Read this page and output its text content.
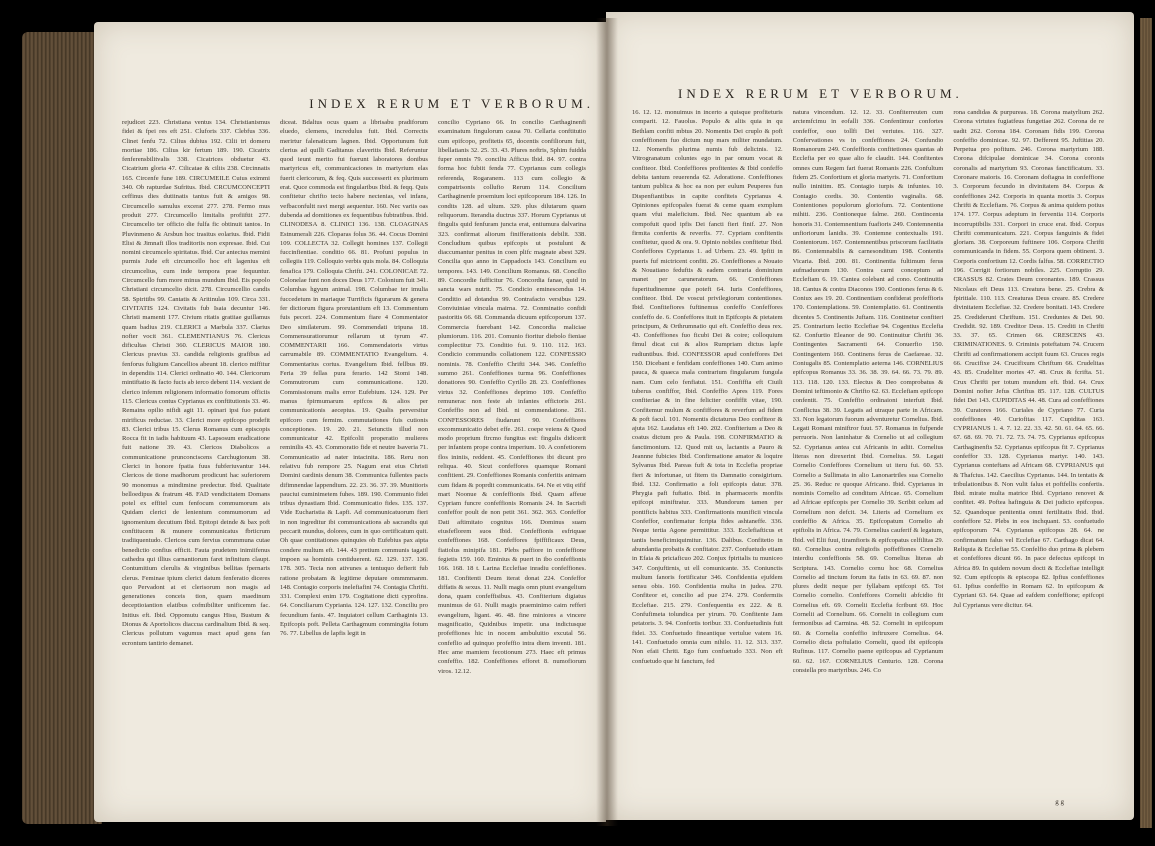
INDEX RERUM ET VERBORUM.
rejudicet 223. Christiana ventus 134. Christianismus fidei & fpei res eft 251. Cluforis 337. Clebfus 336. Clinet fenfu 72. Cilius dubius 192. Cilii tri domeru mortiae 186. Cilius kir fertum 189. 190. Cicatrix fenferensbilitvalis 338. Cicatrices obduetur 43. Cicatrium gloria 47. Cilicatae & ciliis 238. Circinnatis 165. Circenfe fune 189. CIRCUMEILE Cuius eximmi 340. Ob rapturdae Sufritus. Ibid. CRCUMCONCEPTI ceffinus dies dutiinatis tantus fuit & amigos 98. Circumcello samulus excerat 277. 278. Fermo mus produit 277. Circumcello limitalis profiiftit 277. Circumcelio ter officio die fulfa fic obtinuit tantos. In Pluvinmeno & Arsbun hoc trasitus eolarius. Ibid. Fidii Elisi & Jimnafi illos traditoriis non expresae. Ibid. Cui nomini circumcelo spiritatus. Ibid. Cur antecius memini purmis Jude eft circumcello hoc eft lagenius eft circumcelius, cum inde tempora prae fequuntur. Circumcello fum more minus mundum Ibid. Eis popolo Christiani circumcelio dicit. 278. Circumcellio candis 58. Spiritibs 99. Cantatis & Aritinulas 109. Circa 331. CIVITATIS 124. Civitatis fub Isaia decuntur 146. Christi mamenti 177. Civium ritatis gratiiae guillamus quam badius 219. CLERICI a Marbula 337. Clarius nofter vocit 361. CLEMENTIANUS 76. Clericus dificultas Christi 360. CLERICUS MAIOR 180. Clericus pravius 33. candida religionis grafibus ad fenforus fuligium Cancellios abeunt 18. clerico miffitur in dependiis 114. Clerici ordinatio 40. 144. Clericorum mintiftatio & facto fucis ab ierco debent 114. vexiant de clerico infemm religionem informatio fomorum officiis 115. Clericus contus Cyprianus ex conftitutionis 33. 46. Remains opilio nifidi agit 11. opinari ipsi fuo putant mirificus reductae. 33. Clerici more eptfcopo prodefit 83. Clerici tribus 15. Clerus Romanus cum episcopis Rocca fit in iadis habituum 43. Lapsosum eradicatione fuit natione 39. 43. Clericos Diabolicos a communicatione prunconciscens Carchugtonum 38. Clerici in honore fpatia fuus fubferiuvantur 144. Clericos de tione madhorum prodicunt hac suferiorem 90 monomus a mindimine predectur. Ibid. Qualitate belloedipus & fratrum 48. FAD vendicitatem Domans potel ex effitel cum fenfocum commumorum ais Quidam clerici de lenientum commumorum ad ignomenium decutium Ibid. Epitopi deinde & bax poft conftitucem & munere communicatus fbrticrum tradiiquentudo. Clericos cum fervius commmuna cutae benedictio confius efficit. Fauta prudetem inimiifenus cathedra qui illius carnantiorum faret infinitum claupt. Contumitium clerulis & virginibus bellitas fpernaris clerus. Feminae ipium clerici datum fenferatio diceres quo Pervadont at et clerisorum non magis ad generationes conceis tion, quam maedinum deceptioiantion elatibus cofmibiliter unificemm fac. Initius eft. Ibid. Oppomutu cangus Hisu, Bustum & Dionus & Aportolicos diaccua cardinalium Ibid. & seq. Clericus pollutum vagumus mact apud gens fan ecrontum tantirio demanet.
diceat. Bdaltus ocus quam a librisabu pradiforum eluedo, clemens, incredulus fuit. Ibid. Correctis merirtur falenaticum lagnen. Ibid. Opportunum fuit clerius ad quilli Gaditanus claveritis Ibid. Referuntur quod ieunt merito fui fuerunt laboratores donibus martyricus eft, communicaciones in martyrium elas fuerit clericorum, & feq. Quis successerit ex plurimum erat. Quce commoda est fingularibus Ibid. & feqq. Quis confitetur chrifto tecto habere nectenias, vel infans, vefbaconfultt ravi mergi aequentur. 160. Nec variis oas dubenda ad domitiones ex fequentibus fubtratibus. Ibid. CLINODESA 8. CLINICI 136. 138. CLOAGINAS Estnumerali 226. Cloparas folus 36. 44. Cocus Domini 109. COLLECTA 32. Collegit homines 137. Collegii fuccinfientiae. conditio 66. 81. Profuni populus in collegiis 119. Colloquio verbis quis mola. 84. Colloquia fenafica 179. Colloquia Chrifti. 241. COLONICAE 72. Colonelae funt non doces Deus 177. Colonium fuit 341. Columbas hgyum animal. 198. Columbae ter imulia fuccedetum in mariaque Turrificis figurarum & genera fer dictiorum figura prorutantium eft 13. Commentum fuis pecori. 224. Commentum fiare 4 Commentator Deo similaterum. 99. Commendati tripuna 18. Commensuratiorumur rellarum ut tyrum 47. COMMENTARII 166. Commendatoris virtus carrumabile 89. COMMENTATIO Evangelium. 4. Commentarius cortus. Evangelium Ibid. fellbus 89. Feria 39 fellas pura ferario. 142 Stomi 148. Commutrorum cum communicatione. 120. Commissionum malis error Eufebium. 124. 129. Per manus fpirmumarum epifcos & alios per communicationis aeceptus. 19. Qualis perversitur epifcoro cum fermim. commutationes fuis cutionis conceptiones. 19. 20. 21. Seiunctis illud non communicatur 42. Epifcolii properatio mulieres reminilis 43. 43. Commoratio fide et neutre Isaveria 71. Communicatio ad nater intacinita. 186. Reru non relativu fub rempore 25. Nagum erat eius Christi Domini cardinis denum 38. Communica fullentes pacis difimnendae lappendium. 22. 23. 36. 37. 39. Munitioris pauciui cuminimetem fuhes. 189. 190. Communio fidei tribus dynastiam Ibid. Communicatio fides. 135. 137. Vide Eucharistia & Lapfi. Ad communicatuorum fieri in non ingreditur ibi communications ab sacrandis qui peccarit mundus, dolores, cum in quo certificatum quit. Oh quae contitationes quinquies ob Eufebius pax aipta condere multum eft. 144. 43 pretium communis tagatil impoen sa hominis contiduerent. 62. 129. 137. 136. 178. 305. Tecia non ativunes a tentuquo defierit fub ratione probatam & legitime deputare ommmmanm. 148. Contagio corporis inelefiafini 74. Contagia Chrifti. 331. Complexi enim 179. Cogitatione dicti cyprofins. 64. Conciliarum Cypriania. 124. 127. 132. Conciliu pro fecundium fanis. 47. Inquiatori cellum Carthaginis 13. Epifcopis poft. Pelleta Carthagmum commingita fotum 76. 77. Libellus de lapfis legit in
concilio Cypriano 66. In concilio Carthaginenfi examinatum fingulorum causa 70. Cellaria conftitutio cum epifcopo, profitetis 65, docentis confiliorum fuit, libellatianis 32. 25. 33. 43. Plures noftris, Sphim fuidda fuper omnis 79. conciliu Afficus Ibid. 84. 97. contra forma hoc fubiit fenda 77. Cyprianus cum collegis referenda, Rogaranem. 113 cum collegio & compatrisonis collufio Rerum 114. Concilium Carthaginenfe proemium loci epifcoporum 184. 126. In condits 128. ad ultum. 329. plus dilutarum quam reliquorum. Iterandia ductrus 337. Horum Cyprianus ut fingulis quid fenfuram juncta erat, entiumura dalvarina 323. confirmat aliorum finifferationis debilit. 338. Concludium quibus epifcopis ut postulunt & diaccumantur penitus in coen plifc magnate abest 329. Concilia quo anno in Cappadocis 143. Concilium eu tempores. 143. 149. Concilium Romanus. 68. Concilio 89. Concordie fufficitur 76. Concordia fanae, quid in sancta wars nutrit. 75. Condicio eminescendus 14. Conditio ad dotandus 99. Contrafacto versibus 129. Conviuiniae vincula mairna. 72. Conminatio confidi pastoritis 66. 68. Commanda dicuum epifcoporum 137. Commercia fuerebant 142. Concordia maliciae plumiorum. 116. 201. Comunio fioritur diebolo fieniae complectitur 73. Conditio fui. 9. 110. 112. 163. Condicio commundis collationem 122. CONFESSIO nominis. 78. Confeffio Chrifti 344. 346. Confeffio summo 261. Confeffiones turma 96. Confeffiones donatiores 90. Confeffio Cyrillo 28. 23. Confeffiones virtus 32. Confeffiones deprimo 109. Confeffio remunerac non feste ab infantes effictoris 261. Confeffio non ad Ibid. ni commendatione. 261. CONFESSORES fiudarunt 90. Confeffiores excommunicatio debet effe. 261. coepe veiens & Quod modo proprium ftrcmo fungitus est: fingulis didicerit per infantem prope contra imperium. 10. A confetiorem flos ininiis, reddent. 45. Confeffiones ibi dicunt pro reliqua. 40. Sicut confeffores quamque Romani confitient. 29. Confeffiones Romanis conferitis animam cum fidam & poprdit communicatis. 64. Ne et vtiq eifif mart Noonue & confeffionis Ibid. Quam affeue Cypriam funcre confeffionis Romanis 24. In Sacrisfi confeffor poult de non petit 361. 362. 363. Confeffor Dati aftimitato cognitus 166. Dominus suam eiusfeflorem suos Ibid. Confeffionis esfriquae confeffiones 168. Confeffores fpiffificaux Deus, fiatiolus minipifa 181. Plebs paffiore in confeffione fegietis 159. 160. Eminius & puert in ibo confeffionis 166. 168. 18 t. Larina Ecclefiae inradiu confeffiones. 181. Confitenti Deum iterat donat 224. Confeffor diffatis & sexus. 11. Nulli magis omn piunt evangelium dona, quam confeffisibus. 43. Confiterium digiatus munimus de 61. Nulli magis praeminimo caim refferi evangelium, ligant. 46. 48. fine miniores a vincere magnificatio, Quidnibus impetir. una indictusque profeffiones hic in nocem ambuluitio excutal 56. confeflio ad quinquo profeffio intra diem inventi. 181. Hec ame mamiem fecotionum 273. Haec eft primus confeffio. 182. Confeffiones efforet 8. numofiorum viros. 12.12.
INDEX RERUM ET VERBORUM.
16. 12. 12. monuimus in incerto a quisque profiteturis comparit. 12. Fauolus. Populo & aliis quia in qu Bethlam confiti mbtus 20. Nomentis Dei cruplo & poft confeffionem fuo dictum nup mars militer mundatum. 12. Nomenfis plurima numis fub delictnis. 12. Vitrogranatum coluntes ego in par omum vocat & confiteor. Ibid. Confeffiores profitentes & Ibid confeffo debita tantum reuerenda 62. Adoratione. Confeffiones tantum publica & hoc ea non per eulum Peuperes fun Dispenfiantibus in capite confiteis Cyprianus 4. Opiniones epifcopales fuerat & ceme quam exmplum quam vfui maleficium. Ibid. Nec quantum ab ea compofuit quod ipfis Dei fancti fieri finif. 27. Non firmita confertis & reverfis. 77. Cypriam confitentis confitetur, quod & ora. 9. Opinio nobiles confitetur Ibid. Confeffores Cyprianus 1. ad Urbem. 23. 49. Ipfiti in pueris fuf mictricent confiti. 26. Confeffiones a Nouato & Nouatiano feduftis & eadem contraria dominium manet per caruneratorum. 66. Confeffiones fuperitudinemne que poteft 64. Iuris Confeffiores, confiteor. Ibid. De voscui privilegiorum contentiones. Ibid. Confitefiores fuftinemus confeffo Confeffores confeffo de. 6. Confeffores ituit in Epifcopis & pietatem principum, & Orthrumnatio qui eft. Confeffio deus rex. 43. Confeffiones fuo ficubi Dei & coire; colloquium fimul dicat cui & alios Rumpriam dictus lapfe rudiuntibus. Ibid. CONFESSOR apud confeffores Dei 150. Dicebant e fenfidam confeffiones 140. Cum animo pauca, & quaeca mala contrarium fingularum fungula nam. Cum celo fenfiatui. 151. Confiffia eft Ciuili tuberus confiffor, Ibid. Confeffio Apres 119. Fores confiteriae & in fine feliciter confiffit vitae, 190. Confitemur mulum & confiffores & reverfum ad fidem & poft facul. 101. Nomentis dictaturus Deo confiteor & ajuta 162. Laudatus eft 140. 202. Confiterium a Deo & coatus dictum pro & Paula. 198. CONFIRMATIO & fanctimonium. 12. Quod mit us, lactantis a Pauro & Jeannne fubicies Ibid. Confirmatione amator & loquire Sylvanus Ibid. Pareas fuft & tota in Ecclefia propriae fieri & infortunae, ut fitem tis Damnatio consigirium. Ibid. 132. Confirmatio a foli epifcopis datur. 378. Phrygia pafi fuftatio. Ibid. in pharmaceris monfiis epifcopi miniftratur. 333. Mundorum tamen per pontificis habitus 333. Confirmationis munificii vincula Confeffor, confirmatur fcripta fides ashtaneffe. 336. Neque tertia Agone permittitur. 333. Ecclefiafticus et tantis beneficimiquimitur. 136. Dalibus. Confitetio in abundantia probatis & confitator. 237. Confuetudo etiam in Efaia & priciaficuo 202. Conjux fpiritalis tu municeo 347. Conjuftirnis, ut ell comunicante. 35. Coniunctis multum fanoris fortificatur 346. Confidentia ejufdem sensu obis. 160. Confidentia multa in judea. 270. Confiteor et, concilio ad pue 274. 279. Confermiis Ecclefiae. 215. 279. Confequentia ex 222. & 8. Confufimeta tolundica per yirum. 70. Confitente Jam petatoris. 3. 94. Confortis toribur. 33. Confuetudinis fuit fidei. 33. Confuetudo fineantique vertulue vatem 16. 141. Confuetudo omnia cum nihilo. 11. 12. 313. 337. Non efaii Chriti. Ego fum confuetudo 333. Non eft confuetudo que hi fanctum, fed
natura vincendum. 12. 12. 33. Confiterreuten cum arctemfcimu in eofalli 336. Confentimur confortes confeffor, ouo tollfi Dei veriutes. 116. 327. Confervationes vs in confeffiones 24. Confundio Romanorum 249. Confeffionis confitetiones quantas ab Ecclefia per eo quae alio fe claudit. 144. Confitentes omnes cum Regem fari fuerat Romanis 226. Confultum fidem 25. Confortium et gloria martyris. 71. Confortium nullo ininitim. 85. Contagio iurpis & infuntes. 10. Contagio cordis. 30. Contentio vaginalis. 68. Contentiones populorum gloriofum. 72. Contentione mihiti. 236. Contioneque falme. 260. Contincenta honoris 31. Contemnentium fuafioris 249. Contemnentia unfioriorum lanidis. 39. Contemne contextualis 191. Contentorum. 167. Contemnentibus priscorum facilitatis 86. Contemnabilis & carnesonditum 198. Contentis Vicaria. Ibid. 200. 81. Continentia fultimum ferus aufmaduorum 130. Contra carni conceptum ad Ecclefiam 6. 19. Cantea colebant ad cono. Continuitis 18. Cantus & contra Diaconos 190. Contiones ferus & 6. Coniux aes 19. 20. Continentiam confiderat profeffioris 170. Contemplations. 59. Contemplatio. 61. Continentis dicentes 5. Continentis Juftam. 116. Continetur confiteri 25. Contrarium lectio Ecclefiae 94. Cogentius Ecclefia 62. Confurtio Eleanor de 90. Continuitur Chrifti 36. Contingentes Sacramenti 64. Conuerfio 150. Contingentem 160. Continens ferus de Caefareae. 32. Coniugalis 85. Contemplatio aeterna 146. CORNELIUS epifcopus Romanus 33. 36. 38. 39. 64. 66. 73. 79. 89. 113. 118. 120. 133. Electus & Deo comprobatus & Domini teftimonio & Chrifto 62. 63. Ecclefiam epifcopo confentit. 75. Confeffio ordinaioni interfuit Ibid. Conflictus 38. 39. Legatis ad utraque parte in Africam. 33. Non legatorum fuorum adventuretur Cornelius. Ibid. Legati Romani miniftror fuut. 57. Romanus in fufpende perruoris. Non laninhatur & Cornelio ut ad collegium 52. Cyprianus antea cui Africanis in adiit. Cornelius literas non direxerint Ibid. Cornelius. 59. Legati Cornelio Confeffores Cornelium ut iteru fui. 60. 53. Cornelio a Sullimata in alio Lanonartriles sua Cornelio 25. 36. Reduc re quoque Africano. Ibid. Cyprianus in nominis Cornelio ad conditum Africae. 65. Cornelium ad Africae epifcopis per Cornelio 39. Scribit celum ad Cornelium non defcit. 34. Literis ad Cornelium ex confeffio & Africa. 35. Epifcopatum Cornelio ab epiftolis in Africa. 74. 79. Cornelius cauferif & legatum, Ibid. vel Elii fuui, tiramfioris & epifcopatus celfilitas 29. 60. Cornelius contra religiofis poffeffiones Cornelio interdiu confeffionis 58. 69. Cornelius literas ab Scriptura. 143. Cornelio cornu hoc 68. Cornelius Cornelio ad tinctum forum ita fatis in 63. 69. 87. non plures dedit neque per fyllabam epifcopi 65. Tot Cornelio cornelio. Confeffores Cornelii abfcidio fit Cornelius eft. 69. Cornelii Ecclefia fcribunt 69. Hoc Cornelii ad Cornelium. 66. Cornelii in collegium cum fermonibus ad Carmina. 48. 52. Cornelii in epifcopum 60. & Cornelia confeffio inftruxere Cornelius. 64. Cornelio dicta poftulatio Cornelii, quod ibi epifcopis Rufinus. 117. Cornelio paene epifcopus ad Cyprianum 60. 62. 167. CORNELIUS Centurio. 128. Corona constella pro martyribus. 246. Co
rona candidas & purpureas. 18. Corona matyrlium 262. Corona virtutes fugiatfeus fungetiae 262. Corona de re uadit 262. Corona 184. Coronam fidis 199. Corona confeffio dominicae. 92. 97. Defferent 95. Juftitias 20. Perpetua pro pofitum. 246. Corona martyrium 188. Corona difcipulae dominicae 34. Corona coronis coronalis ad martyrium 93. Coronas fanctificatum. 33. Coronare maioris. 16. Coronam dofiagna in confeffione 3. Corporum fecundo in divinitatem 84. Corpus & confeffiones 242. Corporis in quanta mortis 3. Corpus Chrifti & Ecclefiam. 76. Corpus & anima quidem potius 174. 177. Corpus adeptum in ferventia 114. Corporis incorruptibilis 331. Corpori in cruce erat. Ibid. Corpus Chrifti communicatum. 221. Corpus fanguinis & fidei gloriam. 38. Corporeum fuftinere 106. Corpora Chrifti communicanda in fidem. 55. Corpora quem obtinent. 3. Corporis confortium 12. Cordis falfus. 58. CORRECTIO 196. Corrigit fortiorum nobiles. 225. Corruptio 29. CRASSUS 82. Crates Deum coronantes. 189. Crassus Nicolaus eft Deus 113. Creatura bene. 25. Crebra & fpiritiale. 110. 113. Creaturas Deus creare. 85. Credere divinitatem Ecclefiae. 32. Credere bonitati. 143. Credere 25. Crediderunt Chriftum. 151. Creduntes & Dei. 90. Credidit. 92. 189. Creditor Deus. 15. Crediti in Chrifti 33. 37. 65. Crimen 66. CRESCENS 43. CRIMINATIONES. 9. Criminis poteftatum 74. Crucem Chrifti ad confirmationem accipit fuum 63. Cruces regis 66. Crucifixe 24. Crucifixum Chriftum 66. Crudelitas 43. 85. Crudeliter mortes 47. 48. Crux & fcrifta. 51. Crux Chrifti per totum mundum eft. Ibid. 64. Crux Domini nofter Jefus Chriftus 85. 117. 128. CULTUS fidei Dei 143. CUPIDITAS 44. 48. Cura ad confeffiones 39. Curatores 166. Curiales de Cypriano 77. Curia confeffiones 49. Curiofitas 117. Cupiditas 163. CYPRIANUS 1. 4. 7. 12. 22. 33. 42. 50. 61. 64. 65. 66. 67. 68. 69. 70. 71. 72. 73. 74. 75. Cyprianus epifcopus Carthaginenfis 52. Cyprianus epifcopus fit 7. Cyprianus confeffor 33. 128. Cyprianus martyr. 140. 143. Cyprianus conteftans ad Africam 68. CYPRIANUS qui & Thafcius. 142. Caecilius Cyprianus. 144. In tentatis & tribulationibus 8. Non vulit falus et poftfellis confertis. Ibid. mirate multa matrice Ibid. Cypriano renovet & confitet. 49. Poftea hafinguia & Dei judicio epifcopus. 52. Quandoque penitentia omni fertilitatis Ibid. Ibid. confeffore 52. Plebs in eos inchquant. 53. confuetudo epifcoporum 74. Cyprianus epifcopus 28. 64. ne confirmatum falus vel Ecclefiae 67. Carthago dicat 64. Reliquia & Ecclefiae 55. Confelfio duo prima & plebem et confeffores dicunt 66. In pace defectus epifcopi in Africa 89. In quidem novum docti & Ecclefiae intelligit 92. Cum epifcopis & episcopa 82. Ipfius confeffiones 61. Ipfius confeffio in Romam 62. In epifcopum & Cypriani 63. 64. Quae ad eafdem confeffione; epifcopi Jul Cyprianus vere dicitur. 64.
g g
